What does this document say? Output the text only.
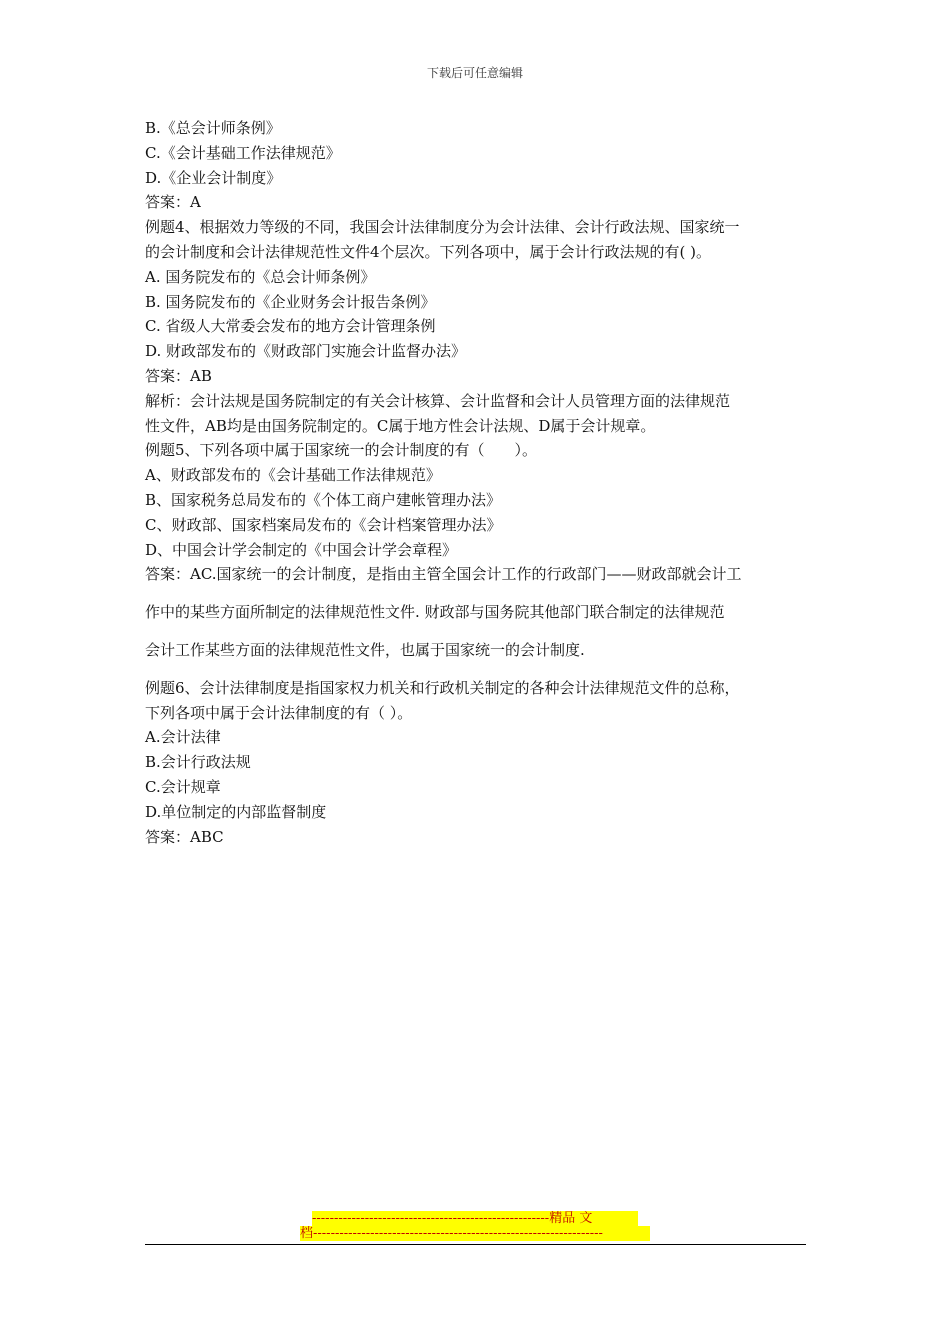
下载后可任意编辑
B.《总会计师条例》
C.《会计基础工作法律规范》
D.《企业会计制度》
答案：A
例题4、根据效力等级的不同，我国会计法律制度分为会计法律、会计行政法规、国家统一
的会计制度和会计法律规范性文件4个层次。下列各项中，属于会计行政法规的有( )。
A. 国务院发布的《总会计师条例》
B. 国务院发布的《企业财务会计报告条例》
C. 省级人大常委会发布的地方会计管理条例
D. 财政部发布的《财政部门实施会计监督办法》
答案：AB
解析：会计法规是国务院制定的有关会计核算、会计监督和会计人员管理方面的法律规范
性文件，AB均是由国务院制定的。C属于地方性会计法规、D属于会计规章。
例题5、下列各项中属于国家统一的会计制度的有（　　）。
A、财政部发布的《会计基础工作法律规范》
B、国家税务总局发布的《个体工商户建帐管理办法》
C、财政部、国家档案局发布的《会计档案管理办法》
D、中国会计学会制定的《中国会计学会章程》
答案：AC.国家统一的会计制度，是指由主管全国会计工作的行政部门——财政部就会计工
作中的某些方面所制定的法律规范性文件. 财政部与国务院其他部门联合制定的法律规范
会计工作某些方面的法律规范性文件，也属于国家统一的会计制度.
例题6、会计法律制度是指国家权力机关和行政机关制定的各种会计法律规范文件的总称，
下列各项中属于会计法律制度的有（ ）。
A.会计法律
B.会计行政法规
C.会计规章
D.单位制定的内部监督制度
答案：ABC
------------------------------------------------------精品 文
档------------------------------------------------------------------
